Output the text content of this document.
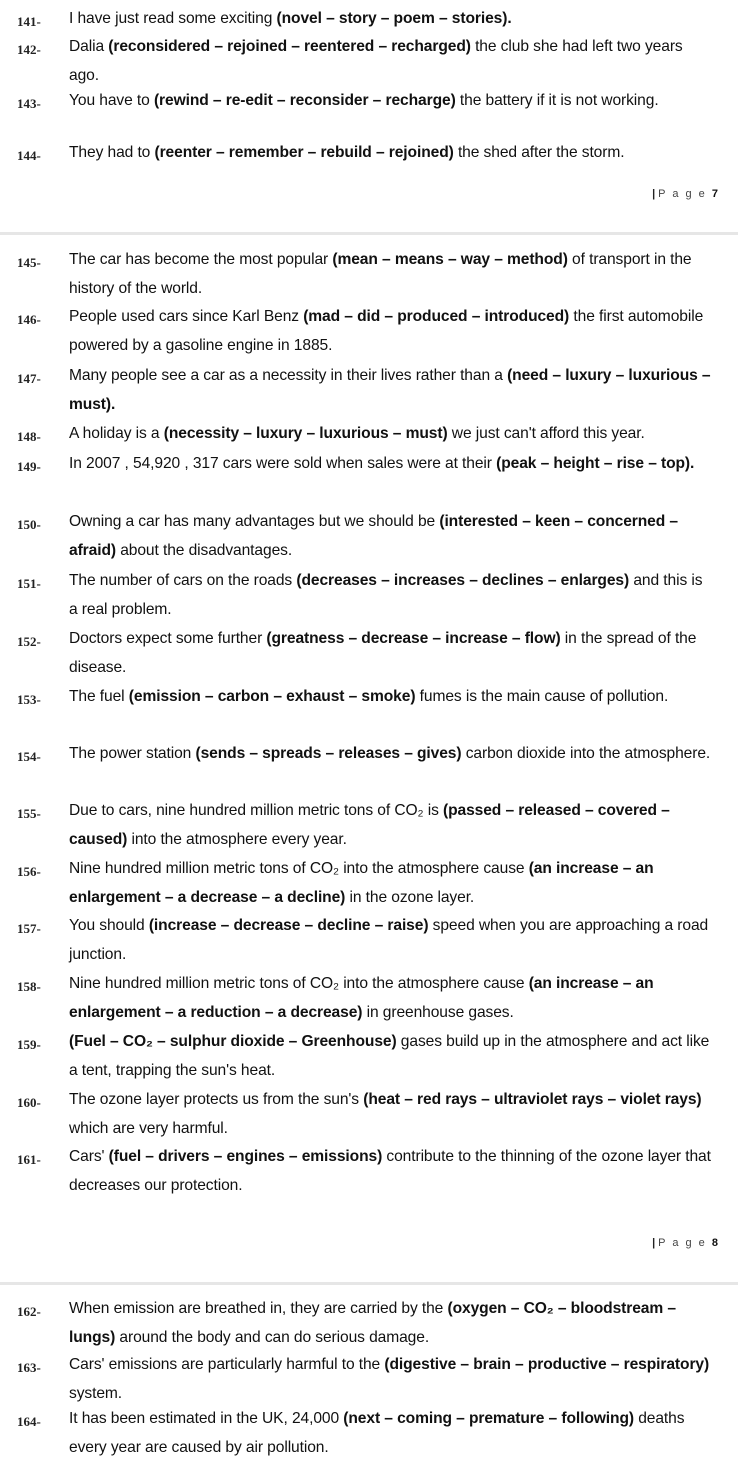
141- I have just read some exciting (novel – story – poem – stories).
142- Dalia (reconsidered – rejoined – reentered – recharged) the club she had left two years ago.
143- You have to (rewind – re-edit – reconsider – recharge) the battery if it is not working.
144- They had to (reenter – remember – rebuild – rejoined) the shed after the storm.
| P a g e 7
145- The car has become the most popular (mean – means – way – method) of transport in the history of the world.
146- People used cars since Karl Benz (mad – did – produced – introduced) the first automobile powered by a gasoline engine in 1885.
147- Many people see a car as a necessity in their lives rather than a (need – luxury – luxurious – must).
148- A holiday is a (necessity – luxury – luxurious – must) we just can't afford this year.
149- In 2007 , 54,920 , 317 cars were sold when sales were at their (peak – height – rise – top).
150- Owning a car has many advantages but we should be (interested – keen – concerned – afraid) about the disadvantages.
151- The number of cars on the roads (decreases – increases – declines – enlarges) and this is a real problem.
152- Doctors expect some further (greatness – decrease – increase – flow) in the spread of the disease.
153- The fuel (emission – carbon – exhaust – smoke) fumes is the main cause of pollution.
154- The power station (sends – spreads – releases – gives) carbon dioxide into the atmosphere.
155- Due to cars, nine hundred million metric tons of CO₂ is (passed – released – covered – caused) into the atmosphere every year.
156- Nine hundred million metric tons of CO₂ into the atmosphere cause (an increase – an enlargement – a decrease – a decline) in the ozone layer.
157- You should (increase – decrease – decline – raise) speed when you are approaching a road junction.
158- Nine hundred million metric tons of CO₂ into the atmosphere cause (an increase – an enlargement – a reduction – a decrease) in greenhouse gases.
159- (Fuel – CO₂ – sulphur dioxide – Greenhouse) gases build up in the atmosphere and act like a tent, trapping the sun's heat.
160- The ozone layer protects us from the sun's (heat – red rays – ultraviolet rays – violet rays) which are very harmful.
161- Cars' (fuel – drivers – engines – emissions) contribute to the thinning of the ozone layer that decreases our protection.
| P a g e 8
162- When emission are breathed in, they are carried by the (oxygen – CO₂ – bloodstream – lungs) around the body and can do serious damage.
163- Cars' emissions are particularly harmful to the (digestive – brain – productive – respiratory) system.
164- It has been estimated in the UK, 24,000 (next – coming – premature – following) deaths every year are caused by air pollution.
